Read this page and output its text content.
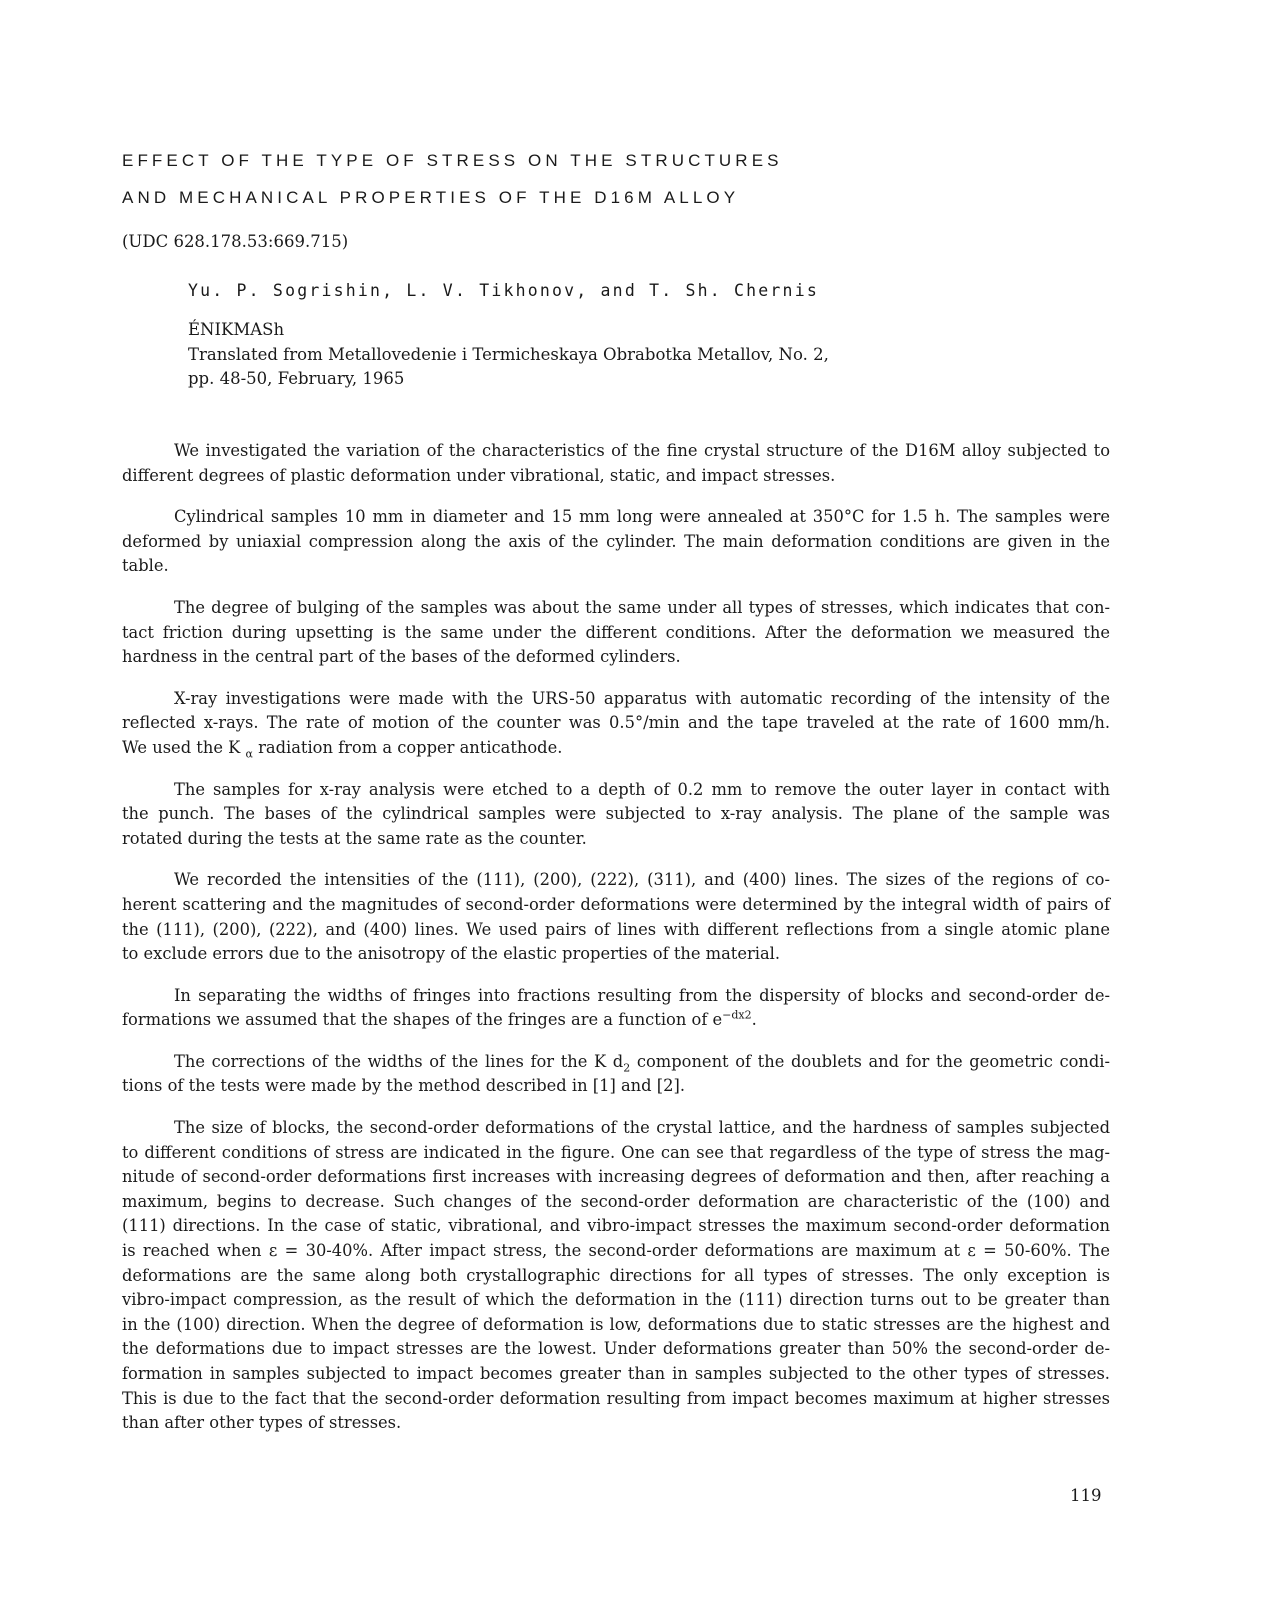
EFFECT OF THE TYPE OF STRESS ON THE STRUCTURES
AND MECHANICAL PROPERTIES OF THE D16M ALLOY
(UDC 628.178.53:669.715)
Yu. P. Sogrishin, L. V. Tikhonov, and T. Sh. Chernis
ÉNIKMASh
Translated from Metallovedenie i Termicheskaya Obrabotka Metallov, No. 2,
pp. 48-50, February, 1965

We investigated the variation of the characteristics of the fine crystal structure of the D16M alloy subjected to
different degrees of plastic deformation under vibrational, static, and impact stresses.

Cylindrical samples 10 mm in diameter and 15 mm long were annealed at 350°C for 1.5 h. The samples were
deformed by uniaxial compression along the axis of the cylinder. The main deformation conditions are given in the
table.

The degree of bulging of the samples was about the same under all types of stresses, which indicates that con-
tact friction during upsetting is the same under the different conditions. After the deformation we measured the
hardness in the central part of the bases of the deformed cylinders.

X-ray investigations were made with the URS-50 apparatus with automatic recording of the intensity of the
reflected x-rays. The rate of motion of the counter was 0.5°/min and the tape traveled at the rate of 1600 mm/h.
We used the K $_\alpha$ radiation from a copper anticathode.

The samples for x-ray analysis were etched to a depth of 0.2 mm to remove the outer layer in contact with
the punch. The bases of the cylindrical samples were subjected to x-ray analysis. The plane of the sample was
rotated during the tests at the same rate as the counter.

We recorded the intensities of the (111), (200), (222), (311), and (400) lines. The sizes of the regions of co-
herent scattering and the magnitudes of second-order deformations were determined by the integral width of pairs of
the (111), (200), (222), and (400) lines. We used pairs of lines with different reflections from a single atomic plane
to exclude errors due to the anisotropy of the elastic properties of the material.

In separating the widths of fringes into fractions resulting from the dispersity of blocks and second-order de-
formations we assumed that the shapes of the fringes are a function of $e^{-dx2}$.

The corrections of the widths of the lines for the K $d_2$ component of the doublets and for the geometric condi-
tions of the tests were made by the method described in [1] and [2].

The size of blocks, the second-order deformations of the crystal lattice, and the hardness of samples subjected
to different conditions of stress are indicated in the figure. One can see that regardless of the type of stress the mag-
nitude of second-order deformations first increases with increasing degrees of deformation and then, after reaching a
maximum, begins to decrease. Such changes of the second-order deformation are characteristic of the (100) and
(111) directions. In the case of static, vibrational, and vibro-impact stresses the maximum second-order deformation
is reached when ε = 30-40%. After impact stress, the second-order deformations are maximum at ε = 50-60%. The
deformations are the same along both crystallographic directions for all types of stresses. The only exception is
vibro-impact compression, as the result of which the deformation in the (111) direction turns out to be greater than
in the (100) direction. When the degree of deformation is low, deformations due to static stresses are the highest and
the deformations due to impact stresses are the lowest. Under deformations greater than 50% the second-order de-
formation in samples subjected to impact becomes greater than in samples subjected to the other types of stresses.
This is due to the fact that the second-order deformation resulting from impact becomes maximum at higher stresses
than after other types of stresses.

119
